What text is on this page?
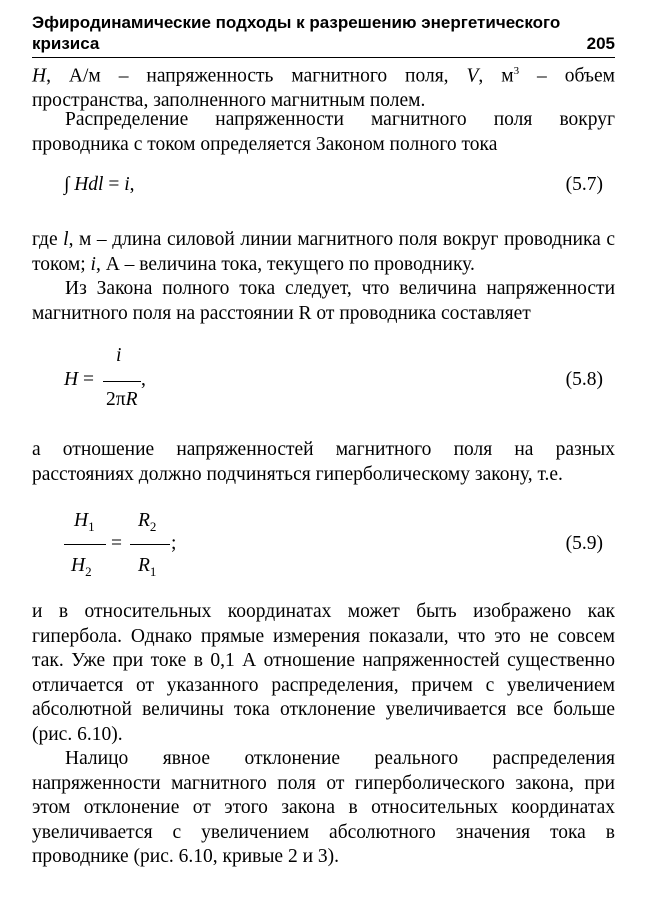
Эфиродинамические подходы к разрешению энергетического
кризиса	205
H, А/м – напряженность магнитного поля, V, $м^3$ – объем пространства, заполненного магнитным полем.
Распределение напряженности магнитного поля вокруг проводника с током определяется Законом полного тока
∫ Hdl = i,	(5.7)
где l, м – длина силовой линии магнитного поля вокруг проводника с током; i, А – величина тока, текущего по проводнику.
Из Закона полного тока следует, что величина напряженности магнитного поля на расстоянии R от проводника составляет
H =
i
2πR
,	(5.8)
а отношение напряженностей магнитного поля на разных расстояниях должно подчиняться гиперболическому закону, т.е.
$H_1$
$H_2$
=
$R_2$
$R_1$
;	(5.9)
и в относительных координатах может быть изображено как гипербола. Однако прямые измерения показали, что это не совсем так. Уже при токе в 0,1 А отношение напряженностей существенно отличается от указанного распределения, причем с увеличением абсолютной величины тока отклонение увеличивается все больше (рис. 6.10).
Налицо явное отклонение реального распределения напряженности магнитного поля от гиперболического закона, при этом отклонение от этого закона в относительных координатах увеличивается с увеличением абсолютного значения тока в проводнике (рис. 6.10, кривые 2 и 3).
